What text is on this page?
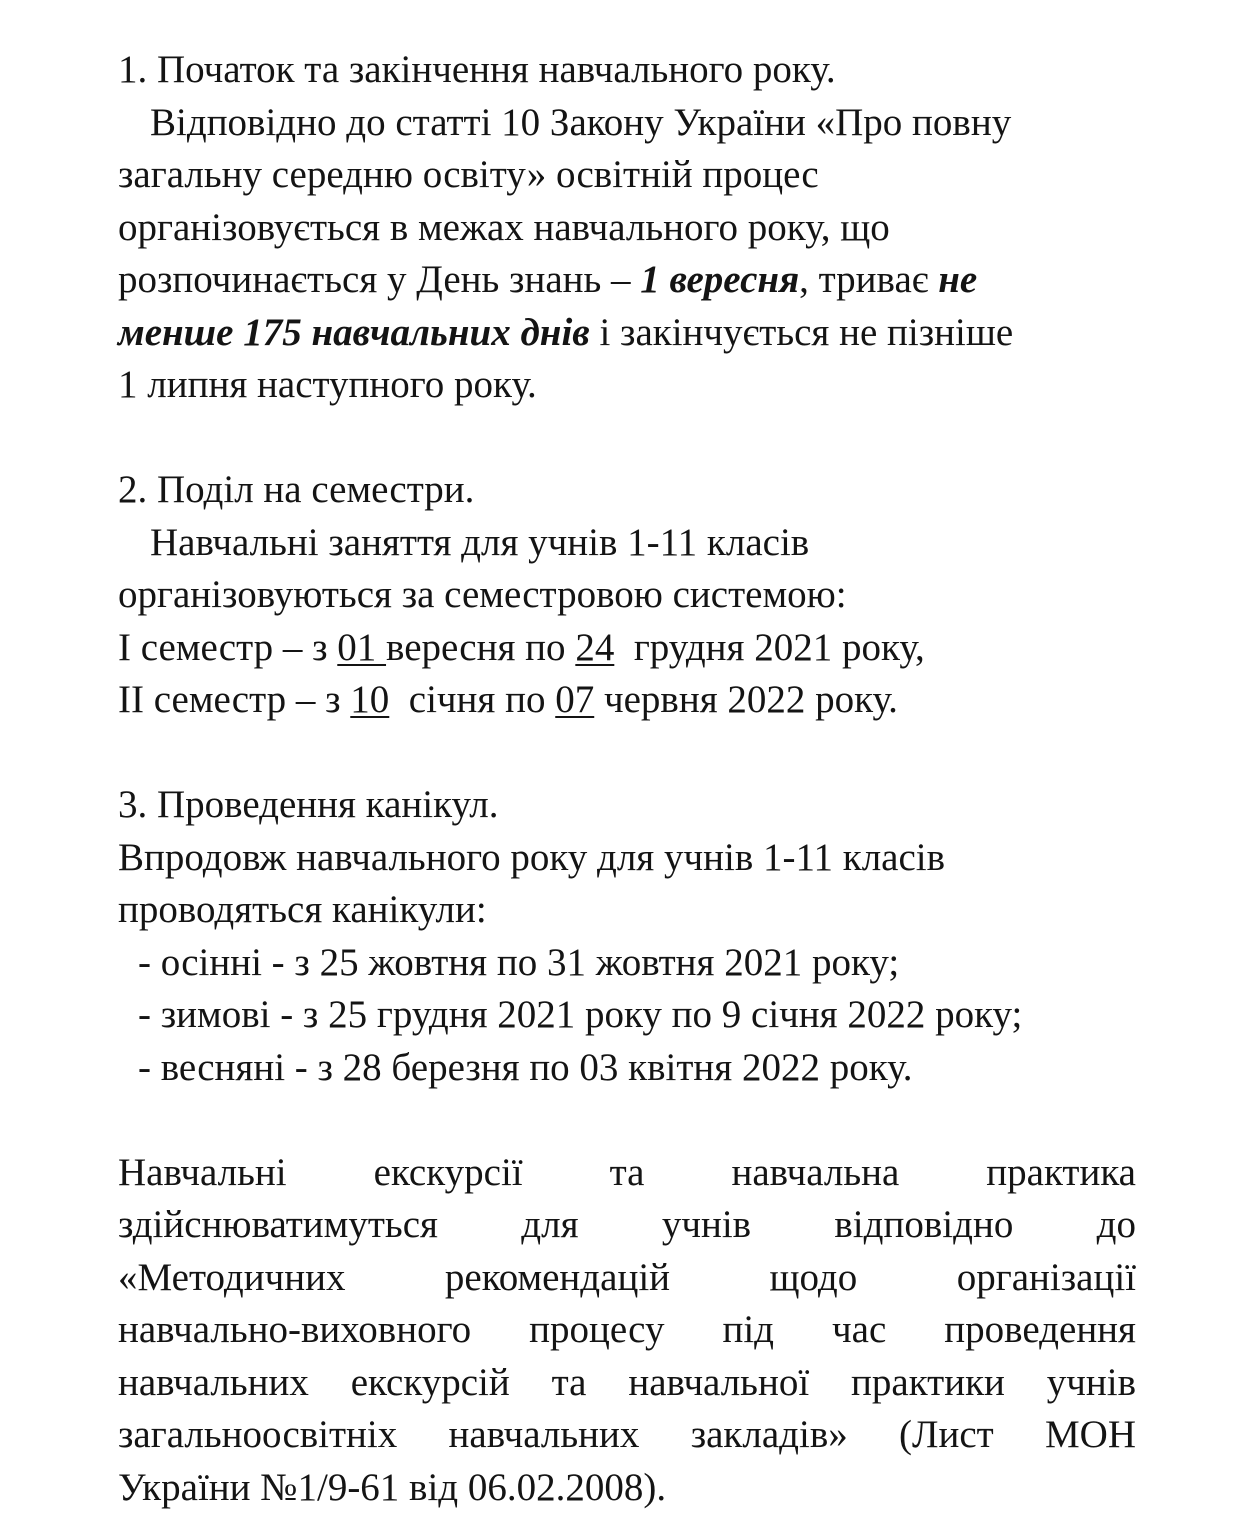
1. Початок та закінчення навчального року.
Відповідно до статті 10 Закону України «Про повну
загальну середню освіту» освітній процес
організовується в межах навчального року, що
розпочинається у День знань – 1 вересня, триває не
менше 175 навчальних днів і закінчується не пізніше
1 липня наступного року.
2. Поділ на семестри.
Навчальні заняття для учнів 1-11 класів
організовуються за семестровою системою:
І семестр – з 01 вересня по 24  грудня 2021 року,
ІІ семестр – з 10  січня по 07 червня 2022 року.
3. Проведення канікул.
Впродовж навчального року для учнів 1-11 класів
проводяться канікули:
- осінні - з 25 жовтня по 31 жовтня 2021 року;
- зимові - з 25 грудня 2021 року по 9 січня 2022 року;
- весняні - з 28 березня по 03 квітня 2022 року.
Навчальні екскурсії та навчальна практика
здійснюватимуться для учнів відповідно до
«Методичних рекомендацій щодо організації
навчально-виховного процесу під час проведення
навчальних екскурсій та навчальної практики учнів
загальноосвітніх навчальних закладів» (Лист МОН
України №1/9-61 від 06.02.2008).
